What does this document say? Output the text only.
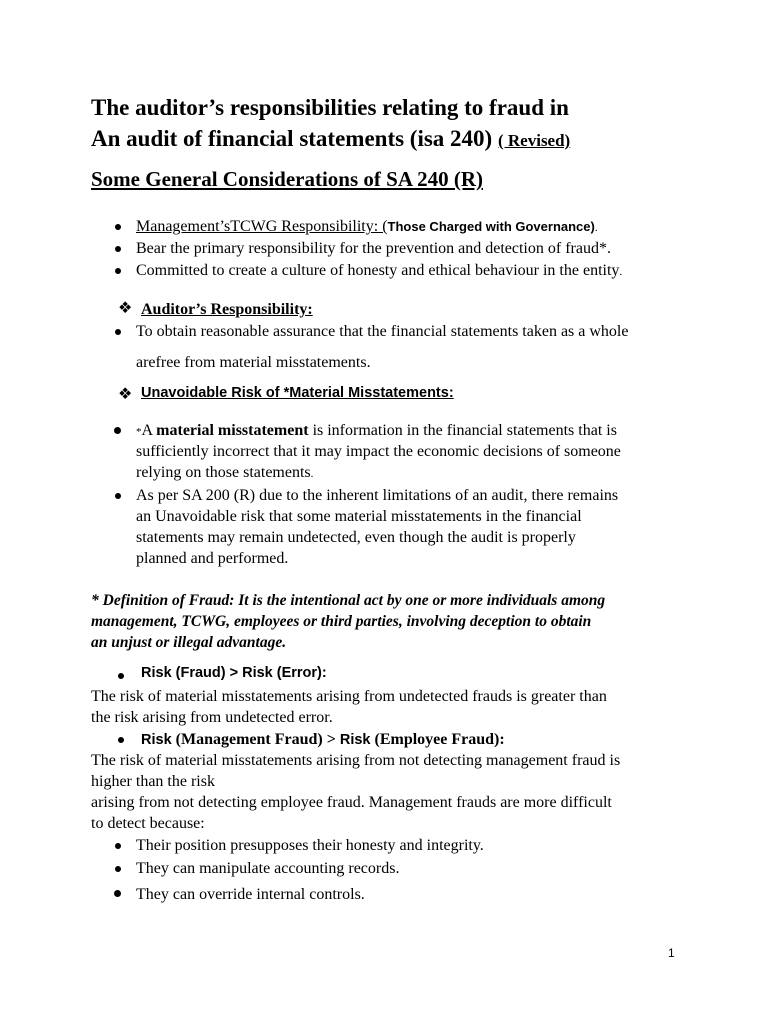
The auditor’s responsibilities relating to fraud in
An audit of financial statements (isa 240) ( Revised)
Some General Considerations of SA 240 (R)
Management’sTCWG Responsibility: (Those Charged with Governance).
Bear the primary responsibility for the prevention and detection of fraud*.
Committed to create a culture of honesty and ethical behaviour in the entity.
❖ Auditor’s Responsibility:
To obtain reasonable assurance that the financial statements taken as a whole
arefree from material misstatements.
❖ Unavoidable Risk of *Material Misstatements:
*A material misstatement is information in the financial statements that is
sufficiently incorrect that it may impact the economic decisions of someone
relying on those statements.
As per SA 200 (R) due to the inherent limitations of an audit, there remains
an Unavoidable risk that some material misstatements in the financial
statements may remain undetected, even though the audit is properly
planned and performed.
* Definition of Fraud: It is the intentional act by one or more individuals among
management, TCWG, employees or third parties, involving deception to obtain
an unjust or illegal advantage.
Risk (Fraud) > Risk (Error):
The risk of material misstatements arising from undetected frauds is greater than
the risk arising from undetected error.
Risk (Management Fraud) > Risk (Employee Fraud):
The risk of material misstatements arising from not detecting management fraud is
higher than the risk
arising from not detecting employee fraud. Management frauds are more difficult
to detect because:
Their position presupposes their honesty and integrity.
They can manipulate accounting records.
They can override internal controls.
1
